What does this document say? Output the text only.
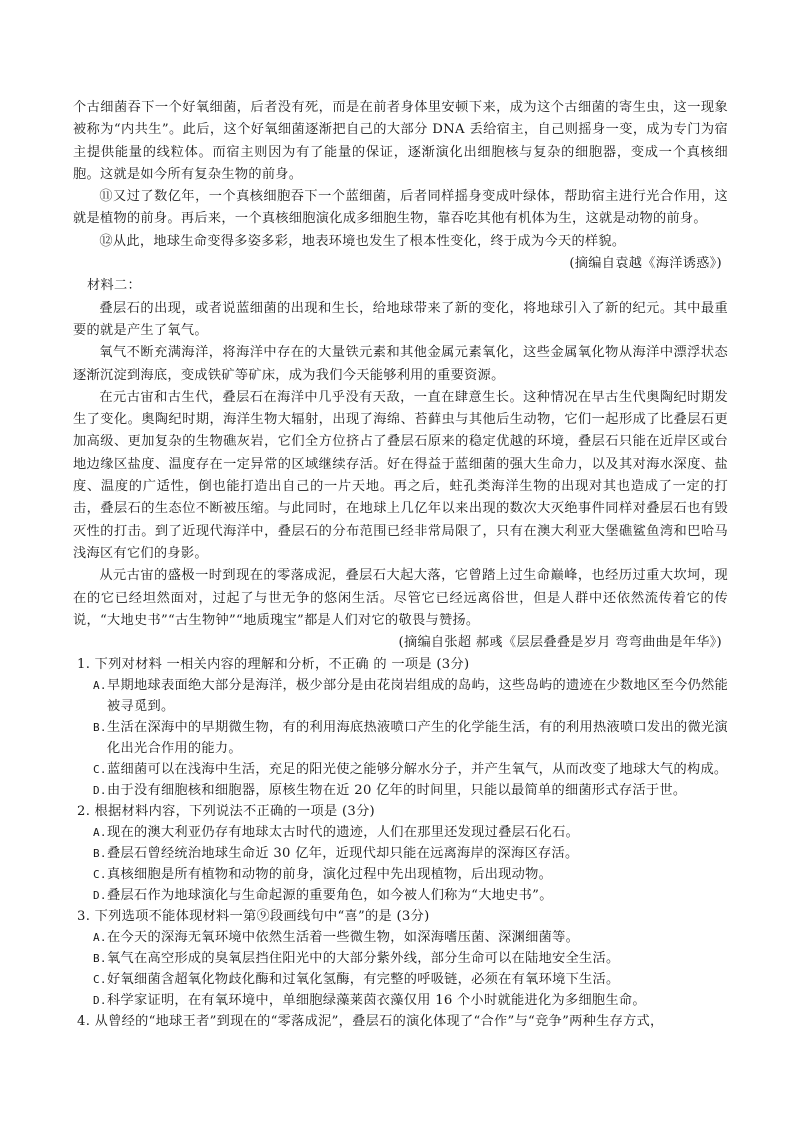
个古细菌吞下一个好氧细菌，后者没有死，而是在前者身体里安顿下来，成为这个古细菌的寄生虫，这一现象被称为“内共生”。此后，这个好氧细菌逐渐把自己的大部分 DNA 丢给宿主，自己则摇身一变，成为专门为宿主提供能量的线粒体。而宿主则因为有了能量的保证，逐渐演化出细胞核与复杂的细胞器，变成一个真核细胞。这就是如今所有复杂生物的前身。

⑪又过了数亿年，一个真核细胞吞下一个蓝细菌，后者同样摇身变成叶绿体，帮助宿主进行光合作用，这就是植物的前身。再后来，一个真核细胞演化成多细胞生物，靠吞吃其他有机体为生，这就是动物的前身。

⑫从此，地球生命变得多姿多彩，地表环境也发生了根本性变化，终于成为今天的样貌。

(摘编自袁越《海洋诱惑》)

材料二：

叠层石的出现，或者说蓝细菌的出现和生长，给地球带来了新的变化，将地球引入了新的纪元。其中最重要的就是产生了氧气。

氧气不断充满海洋，将海洋中存在的大量铁元素和其他金属元素氧化，这些金属氧化物从海洋中漂浮状态逐渐沉淀到海底，变成铁矿等矿床，成为我们今天能够利用的重要资源。

在元古宙和古生代，叠层石在海洋中几乎没有天敌，一直在肆意生长。这种情况在早古生代奥陶纪时期发生了变化。奥陶纪时期，海洋生物大辐射，出现了海绵、苔藓虫与其他后生动物，它们一起形成了比叠层石更加高级、更加复杂的生物礁灰岩，它们全方位挤占了叠层石原来的稳定优越的环境，叠层石只能在近岸区或台地边缘区盐度、温度存在一定异常的区域继续存活。好在得益于蓝细菌的强大生命力，以及其对海水深度、盐度、温度的广适性，倒也能打造出自己的一片天地。再之后，蛀孔类海洋生物的出现对其也造成了一定的打击，叠层石的生态位不断被压缩。与此同时，在地球上几亿年以来出现的数次大灭绝事件同样对叠层石也有毁灭性的打击。到了近现代海洋中，叠层石的分布范围已经非常局限了，只有在澳大利亚大堡礁鲨鱼湾和巴哈马浅海区有它们的身影。

从元古宙的盛极一时到现在的零落成泥，叠层石大起大落，它曾踏上过生命巅峰，也经历过重大坎坷，现在的它已经坦然面对，过起了与世无争的悠闲生活。尽管它已经远离俗世，但是人群中还依然流传着它的传说，“大地史书”“古生物钟”“地质瑰宝”都是人们对它的敬畏与赞扬。

(摘编自张超 郝彧《层层叠叠是岁月 弯弯曲曲是年华》)

1. 下列对材料 一相关内容的理解和分析，不正确 的 一项是 (3分)

A. 早期地球表面绝大部分是海洋，极少部分是由花岗岩组成的岛屿，这些岛屿的遗迹在少数地区至今仍然能被寻觅到。

B. 生活在深海中的早期微生物，有的利用海底热液喷口产生的化学能生活，有的利用热液喷口发出的微光演化出光合作用的能力。

C. 蓝细菌可以在浅海中生活，充足的阳光使之能够分解水分子，并产生氧气，从而改变了地球大气的构成。

D. 由于没有细胞核和细胞器，原核生物在近 20 亿年的时间里，只能以最简单的细菌形式存活于世。

2. 根据材料内容，下列说法不正确的一项是 (3分)

A. 现在的澳大利亚仍存有地球太古时代的遗迹，人们在那里还发现过叠层石化石。

B. 叠层石曾经统治地球生命近 30 亿年，近现代却只能在远离海岸的深海区存活。

C. 真核细胞是所有植物和动物的前身，演化过程中先出现植物，后出现动物。

D. 叠层石作为地球演化与生命起源的重要角色，如今被人们称为“大地史书”。

3. 下列选项不能体现材料一第⑨段画线句中“喜”的是 (3分)

A. 在今天的深海无氧环境中依然生活着一些微生物，如深海嗜压菌、深渊细菌等。

B. 氧气在高空形成的臭氧层挡住阳光中的大部分紫外线，部分生命可以在陆地安全生活。

C. 好氧细菌含超氧化物歧化酶和过氧化氢酶，有完整的呼吸链，必须在有氧环境下生活。

D. 科学家证明，在有氧环境中，单细胞绿藻莱茵衣藻仅用 16 个小时就能进化为多细胞生命。

4. 从曾经的“地球王者”到现在的“零落成泥”，叠层石的演化体现了“合作”与“竞争”两种生存方式，
